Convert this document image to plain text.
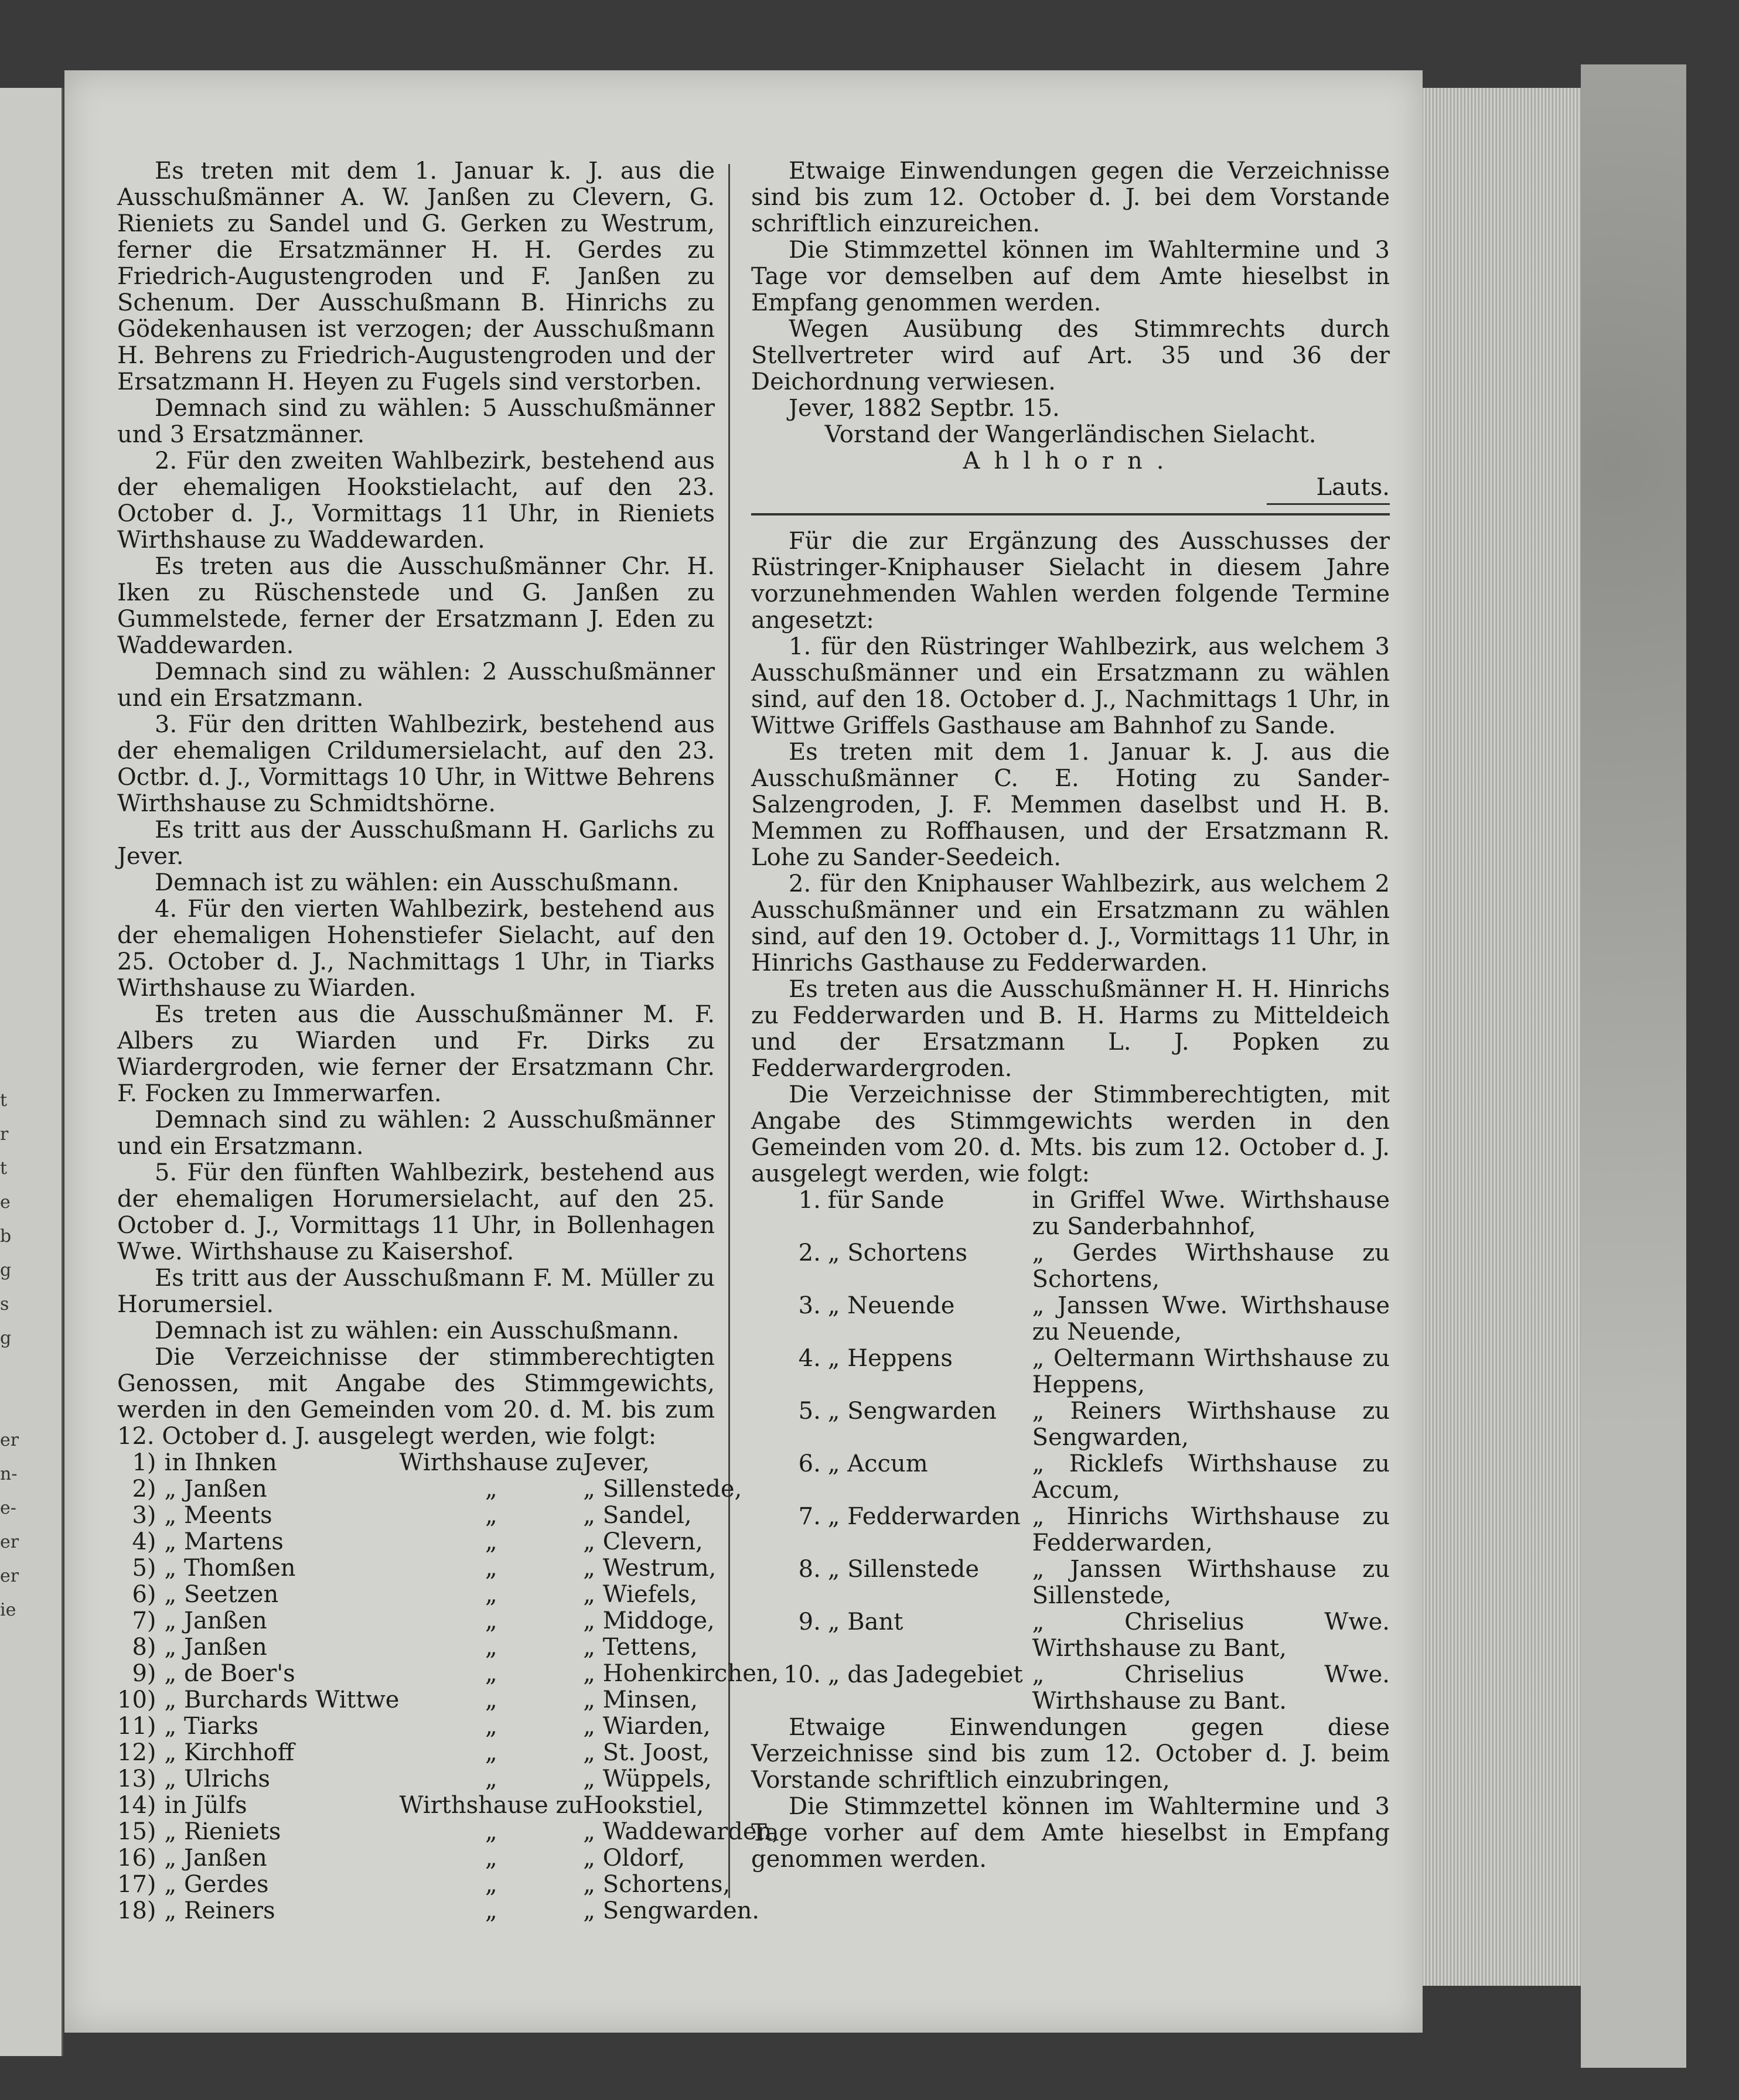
t
r
t
e
b
g
s
g

er
n-
e-
er
er
ie

Es treten mit dem 1. Januar k. J. aus die Ausschußmänner A. W. Janßen zu Clevern, G. Rieniets zu Sandel und G. Gerken zu Westrum, ferner die Ersatzmänner H. H. Gerdes zu Friedrich-Augustengroden und F. Janßen zu Schenum. Der Ausschußmann B. Hinrichs zu Gödekenhausen ist verzogen; der Ausschußmann H. Behrens zu Friedrich-Augustengroden und der Ersatzmann H. Heyen zu Fugels sind verstorben.

Demnach sind zu wählen: 5 Ausschußmänner und 3 Ersatzmänner.

2. Für den zweiten Wahlbezirk, bestehend aus der ehemaligen Hookstielacht, auf den 23. October d. J., Vormittags 11 Uhr, in Rieniets Wirthshause zu Waddewarden.

Es treten aus die Ausschußmänner Chr. H. Iken zu Rüschenstede und G. Janßen zu Gummelstede, ferner der Ersatzmann J. Eden zu Waddewarden.

Demnach sind zu wählen: 2 Ausschußmänner und ein Ersatzmann.

3. Für den dritten Wahlbezirk, bestehend aus der ehemaligen Crildumersielacht, auf den 23. Octbr. d. J., Vormittags 10 Uhr, in Wittwe Behrens Wirthshause zu Schmidtshörne.

Es tritt aus der Ausschußmann H. Garlichs zu Jever.

Demnach ist zu wählen: ein Ausschußmann.

4. Für den vierten Wahlbezirk, bestehend aus der ehemaligen Hohenstiefer Sielacht, auf den 25. October d. J., Nachmittags 1 Uhr, in Tiarks Wirthshause zu Wiarden.

Es treten aus die Ausschußmänner M. F. Albers zu Wiarden und Fr. Dirks zu Wiardergroden, wie ferner der Ersatzmann Chr. F. Focken zu Immerwarfen.

Demnach sind zu wählen: 2 Ausschußmänner und ein Ersatzmann.

5. Für den fünften Wahlbezirk, bestehend aus der ehemaligen Horumersielacht, auf den 25. October d. J., Vormittags 11 Uhr, in Bollenhagen Wwe. Wirthshause zu Kaisershof.

Es tritt aus der Ausschußmann F. M. Müller zu Horumersiel.

Demnach ist zu wählen: ein Ausschußmann.

Die Verzeichnisse der stimmberechtigten Genossen, mit Angabe des Stimmgewichts, werden in den Gemeinden vom 20. d. M. bis zum 12. October d. J. ausgelegt werden, wie folgt:

1)	in Ihnken	Wirthshause zu	Jever,
2)	„ Janßen	„	„ Sillenstede,
3)	„ Meents	„	„ Sandel,
4)	„ Martens	„	„ Clevern,
5)	„ Thomßen	„	„ Westrum,
6)	„ Seetzen	„	„ Wiefels,
7)	„ Janßen	„	„ Middoge,
8)	„ Janßen	„	„ Tettens,
9)	„ de Boer's	„	„ Hohenkirchen,
10)	„ Burchards Wittwe	„	„ Minsen,
11)	„ Tiarks	„	„ Wiarden,
12)	„ Kirchhoff	„	„ St. Joost,
13)	„ Ulrichs	„	„ Wüppels,
14)	in Jülfs	Wirthshause zu	Hookstiel,
15)	„ Rieniets	„	„ Waddewarden,
16)	„ Janßen	„	„ Oldorf,
17)	„ Gerdes	„	„ Schortens,
18)	„ Reiners	„	„ Sengwarden.

Etwaige Einwendungen gegen die Verzeichnisse sind bis zum 12. October d. J. bei dem Vorstande schriftlich einzureichen.

Die Stimmzettel können im Wahltermine und 3 Tage vor demselben auf dem Amte hieselbst in Empfang genommen werden.

Wegen Ausübung des Stimmrechts durch Stellvertreter wird auf Art. 35 und 36 der Deichordnung verwiesen.

Jever, 1882 Septbr. 15.

Vorstand der Wangerländischen Sielacht.

Ahlhorn.

Lauts.

Für die zur Ergänzung des Ausschusses der Rüstringer-Kniphauser Sielacht in diesem Jahre vorzunehmenden Wahlen werden folgende Termine angesetzt:

1. für den Rüstringer Wahlbezirk, aus welchem 3 Ausschußmänner und ein Ersatzmann zu wählen sind, auf den 18. October d. J., Nachmittags 1 Uhr, in Wittwe Griffels Gasthause am Bahnhof zu Sande.

Es treten mit dem 1. Januar k. J. aus die Ausschußmänner C. E. Hoting zu Sander-Salzengroden, J. F. Memmen daselbst und H. B. Memmen zu Roffhausen, und der Ersatzmann R. Lohe zu Sander-Seedeich.

2. für den Kniphauser Wahlbezirk, aus welchem 2 Ausschußmänner und ein Ersatzmann zu wählen sind, auf den 19. October d. J., Vormittags 11 Uhr, in Hinrichs Gasthause zu Fedderwarden.

Es treten aus die Ausschußmänner H. H. Hinrichs zu Fedderwarden und B. H. Harms zu Mitteldeich und der Ersatzmann L. J. Popken zu Fedderwardergroden.

Die Verzeichnisse der Stimmberechtigten, mit Angabe des Stimmgewichts werden in den Gemeinden vom 20. d. Mts. bis zum 12. October d. J. ausgelegt werden, wie folgt:

1.	für Sande	in Griffel Wwe. Wirthshause zu Sanderbahnhof,
2.	„ Schortens	„ Gerdes Wirthshause zu Schortens,
3.	„ Neuende	„ Janssen Wwe. Wirthshause zu Neuende,
4.	„ Heppens	„ Oeltermann Wirthshause zu Heppens,
5.	„ Sengwarden	„ Reiners Wirthshause zu Sengwarden,
6.	„ Accum	„ Ricklefs Wirthshause zu Accum,
7.	„ Fedderwarden	„ Hinrichs Wirthshause zu Fedderwarden,
8.	„ Sillenstede	„ Janssen Wirthshause zu Sillenstede,
9.	„ Bant	„ Chriselius Wwe. Wirthshause zu Bant,
10.	„ das Jadegebiet	„ Chriselius Wwe. Wirthshause zu Bant.

Etwaige Einwendungen gegen diese Verzeichnisse sind bis zum 12. October d. J. beim Vorstande schriftlich einzubringen,

Die Stimmzettel können im Wahltermine und 3 Tage vorher auf dem Amte hieselbst in Empfang genommen werden.
